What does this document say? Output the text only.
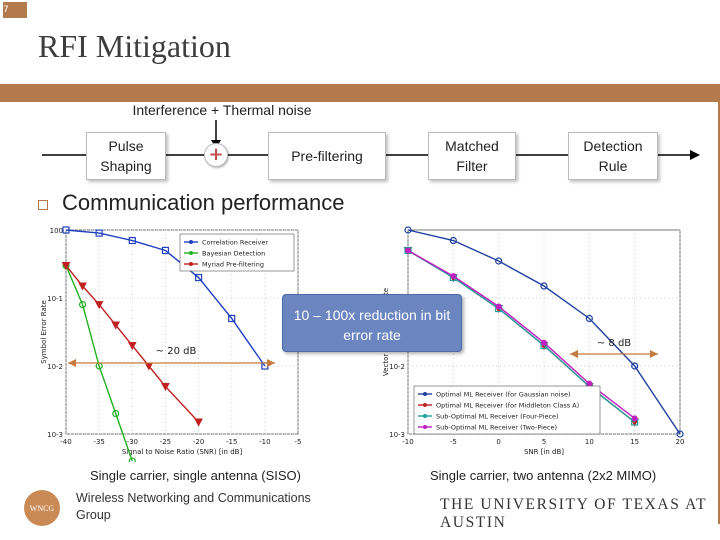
RFI Mitigation
7
Interference + Thermal noise
Pulse
Shaping
+	Pre-filtering
Matched
Filter
Detection
Rule
Communication performance
-40	-35	-30	-25	-20	-15	-10	-5
100
10-1
10-2
10-3
Signal to Noise Ratio (SNR) [in dB]
Symbol Error Rate
Correlation Receiver
Bayesian Detection
Myriad Pre-filtering
~ 20 dB
-10	-5	0	5	10	15	20
10-2
10-3
SNR [in dB]
Optimal ML Receiver (for Gaussian noise)
Optimal ML Receiver (for Middleton Class A)
Sub-Optimal ML Receiver (Four-Piece)
Sub-Optimal ML Receiver (Two-Piece)
~ 8 dB
10 – 100x reduction in bit error rate
Single carrier, single antenna (SISO)	Single carrier, two antenna (2x2 MIMO)
WNCG
Wireless Networking and Communications Group
THE UNIVERSITY OF TEXAS AT AUSTIN
